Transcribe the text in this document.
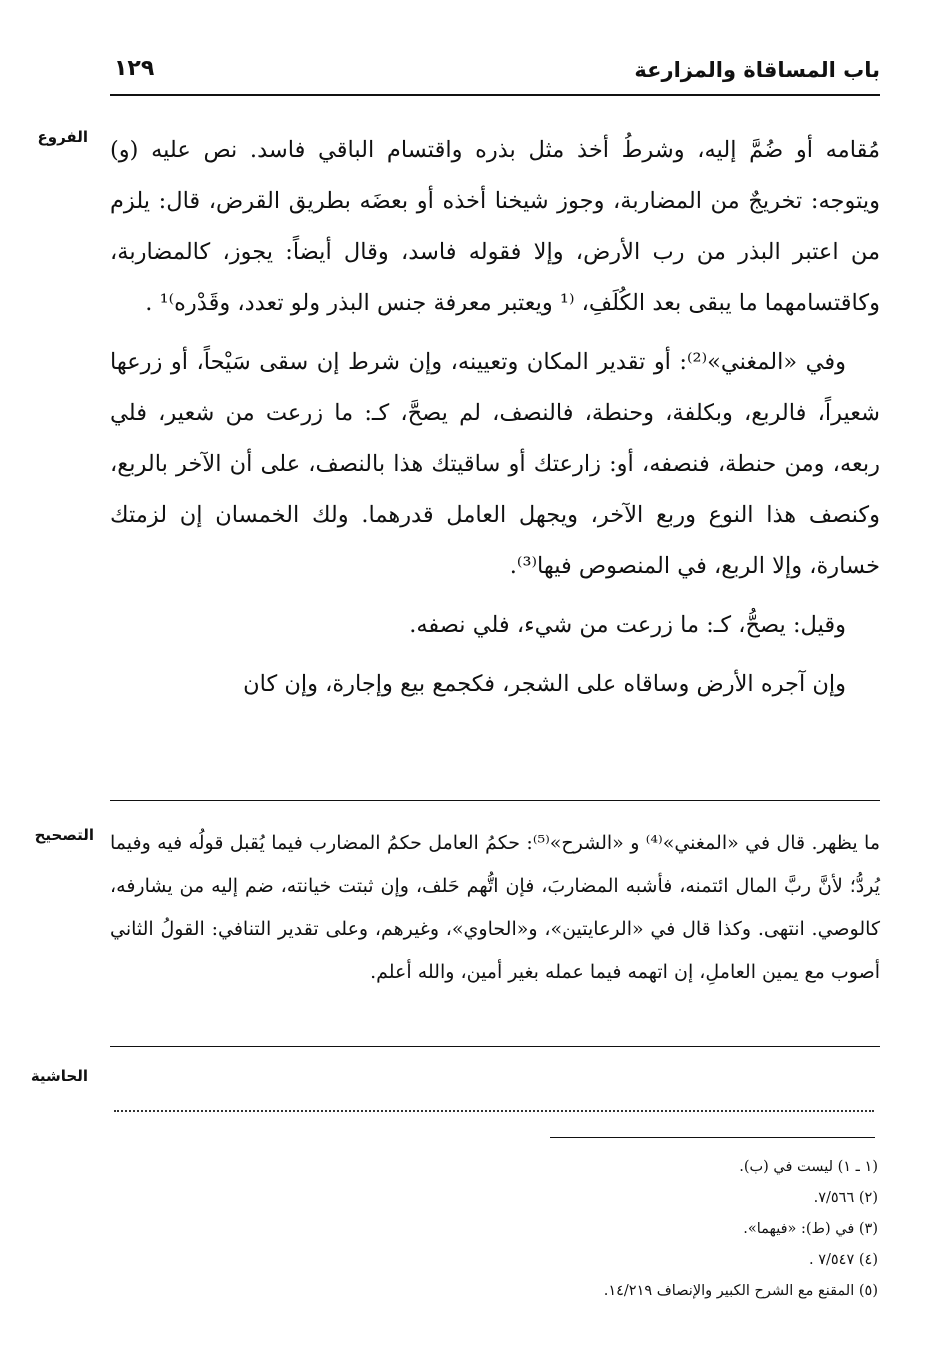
باب المساقاة والمزارعة
١٢٩
الفروع
التصحيح
الحاشية

مُقامه أو ضُمَّ إليه، وشرطُ أخذ مثل بذره واقتسام الباقي فاسد. نص عليه (و) ويتوجه: تخريجٌ من المضاربة، وجوز شيخنا أخذه أو بعضَه بطريق القرض، قال: يلزم من اعتبر البذر من رب الأرض، وإلا فقوله فاسد، وقال أيضاً: يجوز، كالمضاربة، وكاقتسامهما ما يبقى بعد الكُلَفِ، ⁽¹ ويعتبر معرفة جنس البذر ولو تعدد، وقَدْره⁾¹ .

وفي «المغني»⁽²⁾: أو تقدير المكان وتعيينه، وإن شرط إن سقى سَيْحاً، أو زرعها شعيراً، فالربع، وبكلفة، وحنطة، فالنصف، لم يصحَّ، كـ: ما زرعت من شعير، فلي ربعه، ومن حنطة، فنصفه، أو: زارعتك أو ساقيتك هذا بالنصف، على أن الآخر بالربع، وكنصف هذا النوع وربع الآخر، ويجهل العامل قدرهما. ولك الخمسان إن لزمتك خسارة، وإلا الربع، في المنصوص فيها⁽³⁾.

وقيل: يصحُّ، كـ: ما زرعت من شيء، فلي نصفه.

وإن آجره الأرض وساقاه على الشجر، فكجمع بيع وإجارة، وإن كان

ما يظهر. قال في «المغني»⁽⁴⁾ و «الشرح»⁽⁵⁾: حكمُ العامل حكمُ المضارب فيما يُقبل قولُه فيه وفيما يُردُّ؛ لأنَّ ربَّ المال ائتمنه، فأشبه المضاربَ، فإن اتُّهم حَلف، وإن ثبتت خيانته، ضم إليه من يشارفه، كالوصي. انتهى. وكذا قال في «الرعايتين»، و«الحاوي»، وغيرهم، وعلى تقدير التنافي: القولُ الثاني أصوب مع يمين العاملِ، إن اتهمه فيما عمله بغير أمين، والله أعلم.

(١ ـ ١) ليست في (ب).
(٢) ٧/٥٦٦.
(٣) في (ط): «فيهما».
(٤) ٧/٥٤٧ .
(٥) المقنع مع الشرح الكبير والإنصاف ١٤/٢١٩.
